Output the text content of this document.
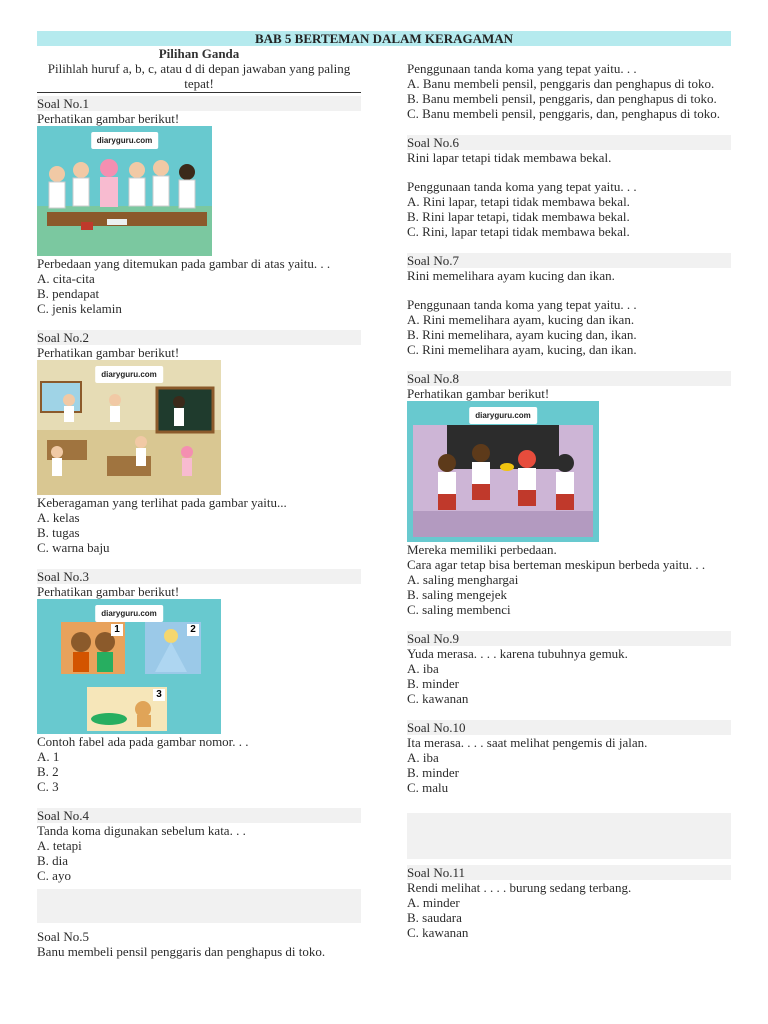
BAB 5 BERTEMAN DALAM KERAGAMAN
Pilihan Ganda
Pilihlah huruf a, b, c, atau d di depan jawaban yang paling tepat!
Soal No.1
Perhatikan gambar berikut!
diaryguru.com
Perbedaan yang ditemukan pada gambar di atas yaitu. . .
A. cita-cita
B. pendapat
C. jenis kelamin
Soal No.2
Perhatikan gambar berikut!
diaryguru.com
Keberagaman yang terlihat pada gambar yaitu...
A. kelas
B. tugas
C. warna baju
Soal No.3
Perhatikan gambar berikut!
diaryguru.com
1	2
3
Contoh fabel ada pada gambar nomor. . .
A. 1
B. 2
C. 3
Soal No.4
Tanda koma digunakan sebelum kata. . .
A. tetapi
B. dia
C. ayo
Soal No.5
Banu membeli pensil penggaris dan penghapus di toko.
Penggunaan tanda koma yang tepat yaitu. . .
A. Banu membeli pensil, penggaris dan penghapus di toko.
B. Banu membeli pensil, penggaris, dan penghapus di toko.
C. Banu membeli pensil, penggaris, dan, penghapus di toko.
Soal No.6
Rini lapar tetapi tidak membawa bekal.
Penggunaan tanda koma yang tepat yaitu. . .
A. Rini lapar, tetapi tidak membawa bekal.
B. Rini lapar tetapi, tidak membawa bekal.
C. Rini, lapar tetapi tidak membawa bekal.
Soal No.7
Rini memelihara ayam kucing dan ikan.
Penggunaan tanda koma yang tepat yaitu. . .
A. Rini memelihara ayam, kucing dan ikan.
B. Rini memelihara, ayam kucing dan, ikan.
C. Rini memelihara ayam, kucing, dan ikan.
Soal No.8
Perhatikan gambar berikut!
diaryguru.com
Mereka memiliki perbedaan.
Cara agar tetap bisa berteman meskipun berbeda yaitu. . .
A. saling menghargai
B. saling mengejek
C. saling membenci
Soal No.9
Yuda merasa. . . . karena tubuhnya gemuk.
A. iba
B. minder
C. kawanan
Soal No.10
Ita merasa. . . . saat melihat pengemis di jalan.
A. iba
B. minder
C. malu
Soal No.11
Rendi melihat . . . . burung sedang terbang.
A. minder
B. saudara
C. kawanan
